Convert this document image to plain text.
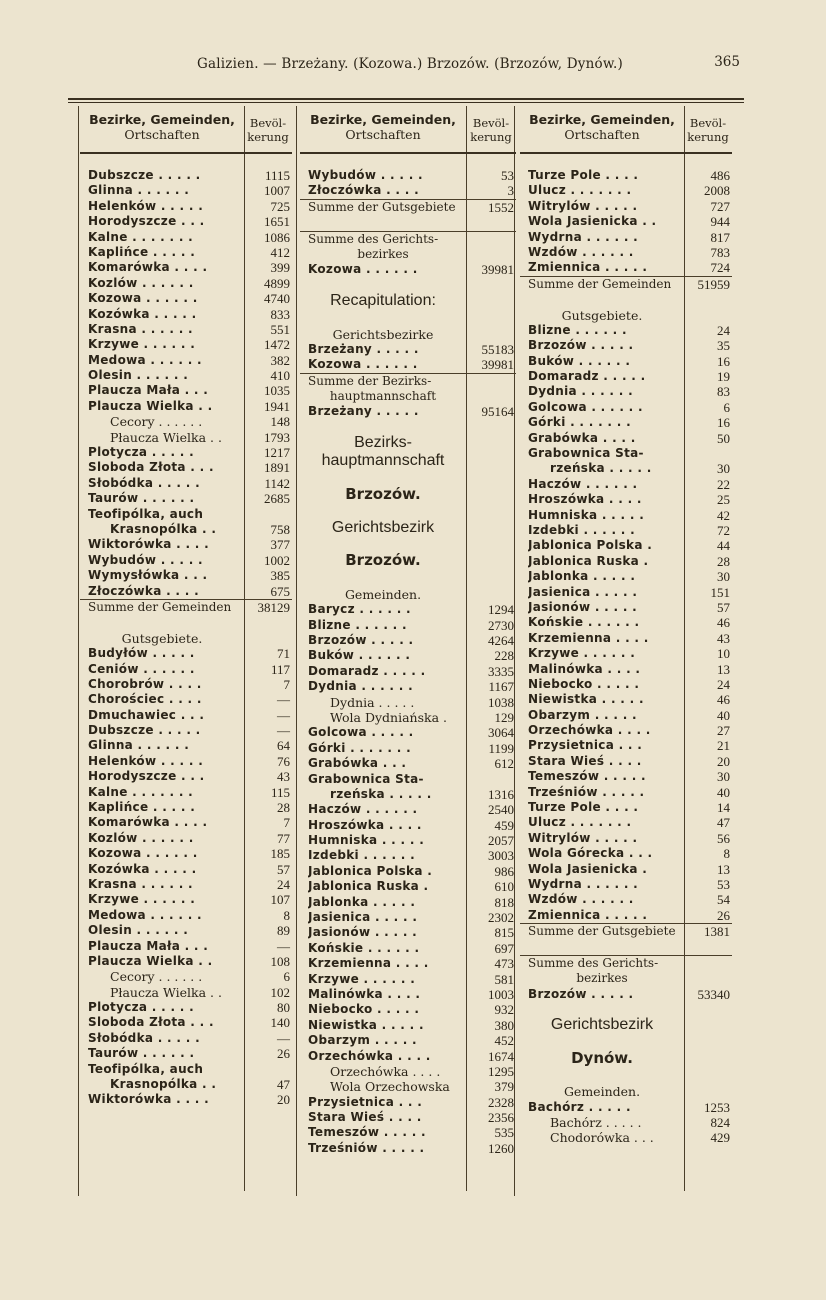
Galizien. — Brzeżany. (Kozowa.) Brzozów. (Brzozów, Dynów.)	365
Bezirke, Gemeinden,
Ortschaften
Bevöl-
kerung
Dubszcze . . . . .	1115
Glinna . . . . . .	1007
Helenków . . . . .	725
Horodyszcze . . .	1651
Kalne . . . . . . .	1086
Kaplińce . . . . .	412
Komarówka . . . .	399
Kozlów . . . . . .	4899
Kozowa . . . . . .	4740
Kozówka . . . . .	833
Krasna . . . . . .	551
Krzywe . . . . . .	1472
Medowa . . . . . .	382
Olesin . . . . . .	410
Plaucza Mała . . .	1035
Plaucza Wielka . .	1941
Cecory . . . . . .	148
Płaucza Wielka . .	1793
Plotycza . . . . .	1217
Sloboda Złota . . .	1891
Słobódka . . . . .	1142
Taurów . . . . . .	2685
Teofipólka, auch
Krasnopólka . .	758
Wiktorówka . . . .	377
Wybudów . . . . .	1002
Wymysłówka . . .	385
Złoczówka . . . .	675
Summe der Gemeinden	38129
Gutsgebiete.
Budyłów . . . . .	71
Ceniów . . . . . .	117
Chorobrów . . . .	7
Chorościec . . . .	—
Dmuchawiec . . .	—
Dubszcze . . . . .	—
Glinna . . . . . .	64
Helenków . . . . .	76
Horodyszcze . . .	43
Kalne . . . . . . .	115
Kaplińce . . . . .	28
Komarówka . . . .	7
Kozlów . . . . . .	77
Kozowa . . . . . .	185
Kozówka . . . . .	57
Krasna . . . . . .	24
Krzywe . . . . . .	107
Medowa . . . . . .	8
Olesin . . . . . .	89
Plaucza Mała . . .	—
Plaucza Wielka . .	108
Cecory . . . . . .	6
Płaucza Wielka . .	102
Plotycza . . . . .	80
Sloboda Złota . . .	140
Słobódka . . . . .	—
Taurów . . . . . .	26
Teofipólka, auch
Krasnopólka . .	47
Wiktorówka . . . .	20
Bezirke, Gemeinden,
Ortschaften
Bevöl-
kerung
Wybudów . . . . .	53
Złoczówka . . . .	3
Summe der Gutsgebiete	1552
Summe des Gerichts-
bezirkes
Kozowa . . . . . .	39981
Recapitulation:
Gerichtsbezirke
Brzeżany . . . . .	55183
Kozowa . . . . . .	39981
Summe der Bezirks-
hauptmannschaft
Brzeżany . . . . .	95164
Bezirks-
hauptmannschaft
Brzozów.
Gerichtsbezirk
Brzozów.
Gemeinden.
Barycz . . . . . .	1294
Blizne . . . . . .	2730
Brzozów . . . . .	4264
Buków . . . . . .	228
Domaradz . . . . .	3335
Dydnia . . . . . .	1167
Dydnia . . . . .	1038
Wola Dydniańska .	129
Golcowa . . . . .	3064
Górki . . . . . . .	1199
Grabówka . . .	612
Grabownica Sta-
rzeńska . . . . .	1316
Haczów . . . . . .	2540
Hroszówka . . . .	459
Humniska . . . . .	2057
Izdebki . . . . . .	3003
Jablonica Polska .	986
Jablonica Ruska .	610
Jablonka . . . . .	818
Jasienica . . . . .	2302
Jasionów . . . . .	815
Końskie . . . . . .	697
Krzemienna . . . .	473
Krzywe . . . . . .	581
Malinówka . . . .	1003
Niebocko . . . . .	932
Niewistka . . . . .	380
Obarzym . . . . .	452
Orzechówka . . . .	1674
Orzechówka . . . .	1295
Wola Orzechowska	379
Przysietnica . . .	2328
Stara Wieś . . . .	2356
Temeszów . . . . .	535
Trześniów . . . . .	1260
Bezirke, Gemeinden,
Ortschaften
Bevöl-
kerung
Turze Pole . . . .	486
Ulucz . . . . . . .	2008
Witrylów . . . . .	727
Wola Jasienicka . .	944
Wydrna . . . . . .	817
Wzdów . . . . . .	783
Zmiennica . . . . .	724
Summe der Gemeinden	51959
Gutsgebiete.
Blizne . . . . . .	24
Brzozów . . . . .	35
Buków . . . . . .	16
Domaradz . . . . .	19
Dydnia . . . . . .	83
Golcowa . . . . . .	6
Górki . . . . . . .	16
Grabówka . . . .	50
Grabownica Sta-
rzeńska . . . . .	30
Haczów . . . . . .	22
Hroszówka . . . .	25
Humniska . . . . .	42
Izdebki . . . . . .	72
Jablonica Polska .	44
Jablonica Ruska .	28
Jablonka . . . . .	30
Jasienica . . . . .	151
Jasionów . . . . .	57
Końskie . . . . . .	46
Krzemienna . . . .	43
Krzywe . . . . . .	10
Malinówka . . . .	13
Niebocko . . . . .	24
Niewistka . . . . .	46
Obarzym . . . . .	40
Orzechówka . . . .	27
Przysietnica . . .	21
Stara Wieś . . . .	20
Temeszów . . . . .	30
Trześniów . . . . .	40
Turze Pole . . . .	14
Ulucz . . . . . . .	47
Witrylów . . . . .	56
Wola Górecka . . .	8
Wola Jasienicka .	13
Wydrna . . . . . .	53
Wzdów . . . . . .	54
Zmiennica . . . . .	26
Summe der Gutsgebiete	1381
Summe des Gerichts-
bezirkes
Brzozów . . . . .	53340
Gerichtsbezirk
Dynów.
Gemeinden.
Bachórz . . . . .	1253
Bachórz . . . . .	824
Chodorówka . . .	429
